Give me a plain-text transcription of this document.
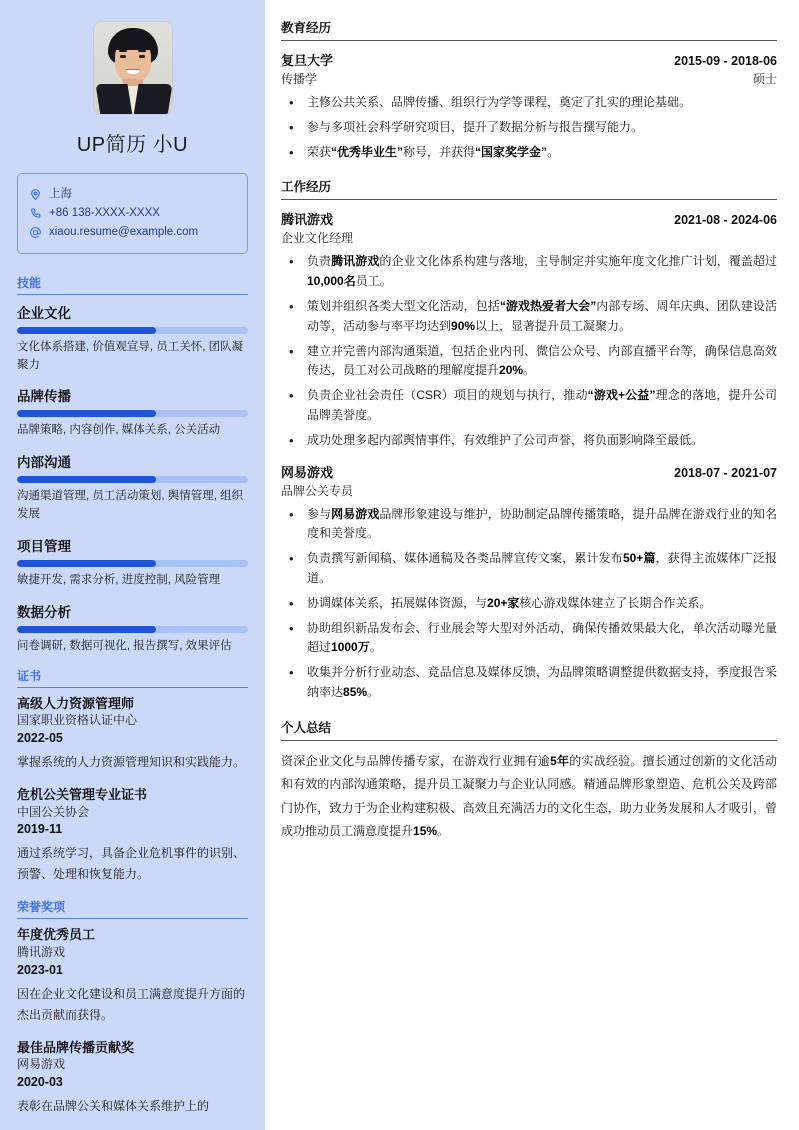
UP简历 小U
上海
+86 138-XXXX-XXXX
xiaou.resume@example.com
技能
企业文化
文化体系搭建, 价值观宣导, 员工关怀, 团队凝聚力
品牌传播
品牌策略, 内容创作, 媒体关系, 公关活动
内部沟通
沟通渠道管理, 员工活动策划, 舆情管理, 组织发展
项目管理
敏捷开发, 需求分析, 进度控制, 风险管理
数据分析
问卷调研, 数据可视化, 报告撰写, 效果评估
证书
高级人力资源管理师
国家职业资格认证中心
2022-05
掌握系统的人力资源管理知识和实践能力。
危机公关管理专业证书
中国公关协会
2019-11
通过系统学习，具备企业危机事件的识别、预警、处理和恢复能力。
荣誉奖项
年度优秀员工
腾讯游戏
2023-01
因在企业文化建设和员工满意度提升方面的杰出贡献而获得。
最佳品牌传播贡献奖
网易游戏
2020-03
表彰在品牌公关和媒体关系维护上的
教育经历
复旦大学	2015-09 - 2018-06
传播学	硕士
• 主修公共关系、品牌传播、组织行为学等课程，奠定了扎实的理论基础。
• 参与多项社会科学研究项目，提升了数据分析与报告撰写能力。
• 荣获“优秀毕业生”称号，并获得“国家奖学金”。
工作经历
腾讯游戏	2021-08 - 2024-06
企业文化经理
• 负责腾讯游戏的企业文化体系构建与落地，主导制定并实施年度文化推广计划，覆盖超过10,000名员工。
• 策划并组织各类大型文化活动，包括“游戏热爱者大会”内部专场、周年庆典、团队建设活动等，活动参与率平均达到90%以上，显著提升员工凝聚力。
• 建立并完善内部沟通渠道，包括企业内刊、微信公众号、内部直播平台等，确保信息高效传达，员工对公司战略的理解度提升20%。
• 负责企业社会责任（CSR）项目的规划与执行，推动“游戏+公益”理念的落地，提升公司品牌美誉度。
• 成功处理多起内部舆情事件，有效维护了公司声誉，将负面影响降至最低。
网易游戏	2018-07 - 2021-07
品牌公关专员
• 参与网易游戏品牌形象建设与维护，协助制定品牌传播策略，提升品牌在游戏行业的知名度和美誉度。
• 负责撰写新闻稿、媒体通稿及各类品牌宣传文案，累计发布50+篇，获得主流媒体广泛报道。
• 协调媒体关系，拓展媒体资源，与20+家核心游戏媒体建立了长期合作关系。
• 协助组织新品发布会、行业展会等大型对外活动，确保传播效果最大化，单次活动曝光量超过1000万。
• 收集并分析行业动态、竞品信息及媒体反馈，为品牌策略调整提供数据支持，季度报告采纳率达85%。
个人总结
资深企业文化与品牌传播专家，在游戏行业拥有逾5年的实战经验。擅长通过创新的文化活动和有效的内部沟通策略，提升员工凝聚力与企业认同感。精通品牌形象塑造、危机公关及跨部门协作，致力于为企业构建积极、高效且充满活力的文化生态，助力业务发展和人才吸引，曾成功推动员工满意度提升15%。
